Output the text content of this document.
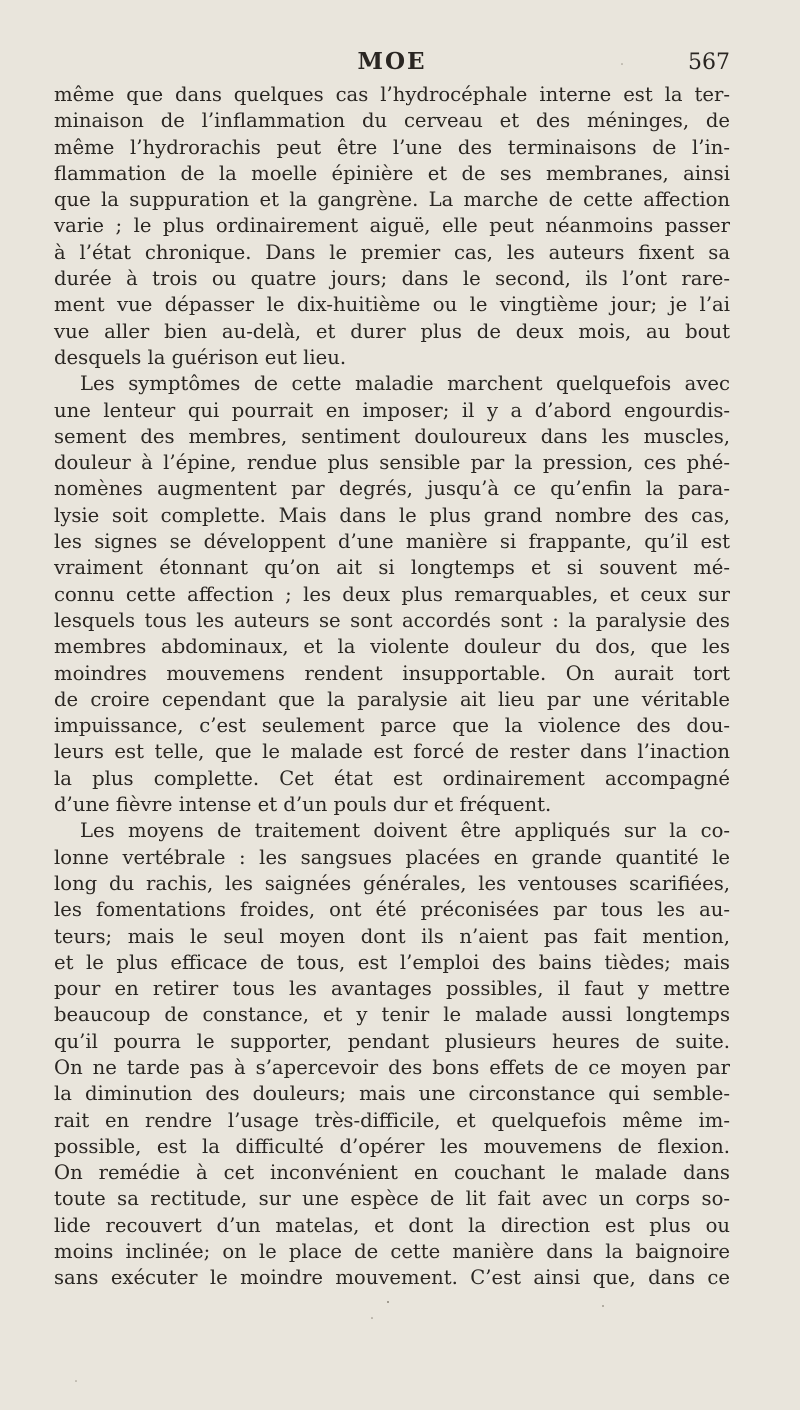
MOE	567
même que dans quelques cas l’hydrocéphale interne est la ter-
minaison de l’inflammation du cerveau et des méninges, de
même l’hydrorachis peut être l’une des terminaisons de l’in-
flammation de la moelle épinière et de ses membranes, ainsi
que la suppuration et la gangrène. La marche de cette affection
varie ; le plus ordinairement aiguë, elle peut néanmoins passer
à l’état chronique. Dans le premier cas, les auteurs fixent sa
durée à trois ou quatre jours; dans le second, ils l’ont rare-
ment vue dépasser le dix-huitième ou le vingtième jour; je l’ai
vue aller bien au-delà, et durer plus de deux mois, au bout
desquels la guérison eut lieu.
Les symptômes de cette maladie marchent quelquefois avec
une lenteur qui pourrait en imposer; il y a d’abord engourdis-
sement des membres, sentiment douloureux dans les muscles,
douleur à l’épine, rendue plus sensible par la pression, ces phé-
nomènes augmentent par degrés, jusqu’à ce qu’enfin la para-
lysie soit complette. Mais dans le plus grand nombre des cas,
les signes se développent d’une manière si frappante, qu’il est
vraiment étonnant qu’on ait si longtemps et si souvent mé-
connu cette affection ; les deux plus remarquables, et ceux sur
lesquels tous les auteurs se sont accordés sont : la paralysie des
membres abdominaux, et la violente douleur du dos, que les
moindres mouvemens rendent insupportable. On aurait tort
de croire cependant que la paralysie ait lieu par une véritable
impuissance, c’est seulement parce que la violence des dou-
leurs est telle, que le malade est forcé de rester dans l’inaction
la plus complette. Cet état est ordinairement accompagné
d’une fièvre intense et d’un pouls dur et fréquent.
Les moyens de traitement doivent être appliqués sur la co-
lonne vertébrale : les sangsues placées en grande quantité le
long du rachis, les saignées générales, les ventouses scarifiées,
les fomentations froides, ont été préconisées par tous les au-
teurs; mais le seul moyen dont ils n’aient pas fait mention,
et le plus efficace de tous, est l’emploi des bains tièdes; mais
pour en retirer tous les avantages possibles, il faut y mettre
beaucoup de constance, et y tenir le malade aussi longtemps
qu’il pourra le supporter, pendant plusieurs heures de suite.
On ne tarde pas à s’apercevoir des bons effets de ce moyen par
la diminution des douleurs; mais une circonstance qui semble-
rait en rendre l’usage très-difficile, et quelquefois même im-
possible, est la difficulté d’opérer les mouvemens de flexion.
On remédie à cet inconvénient en couchant le malade dans
toute sa rectitude, sur une espèce de lit fait avec un corps so-
lide recouvert d’un matelas, et dont la direction est plus ou
moins inclinée; on le place de cette manière dans la baignoire
sans exécuter le moindre mouvement. C’est ainsi que, dans ce
